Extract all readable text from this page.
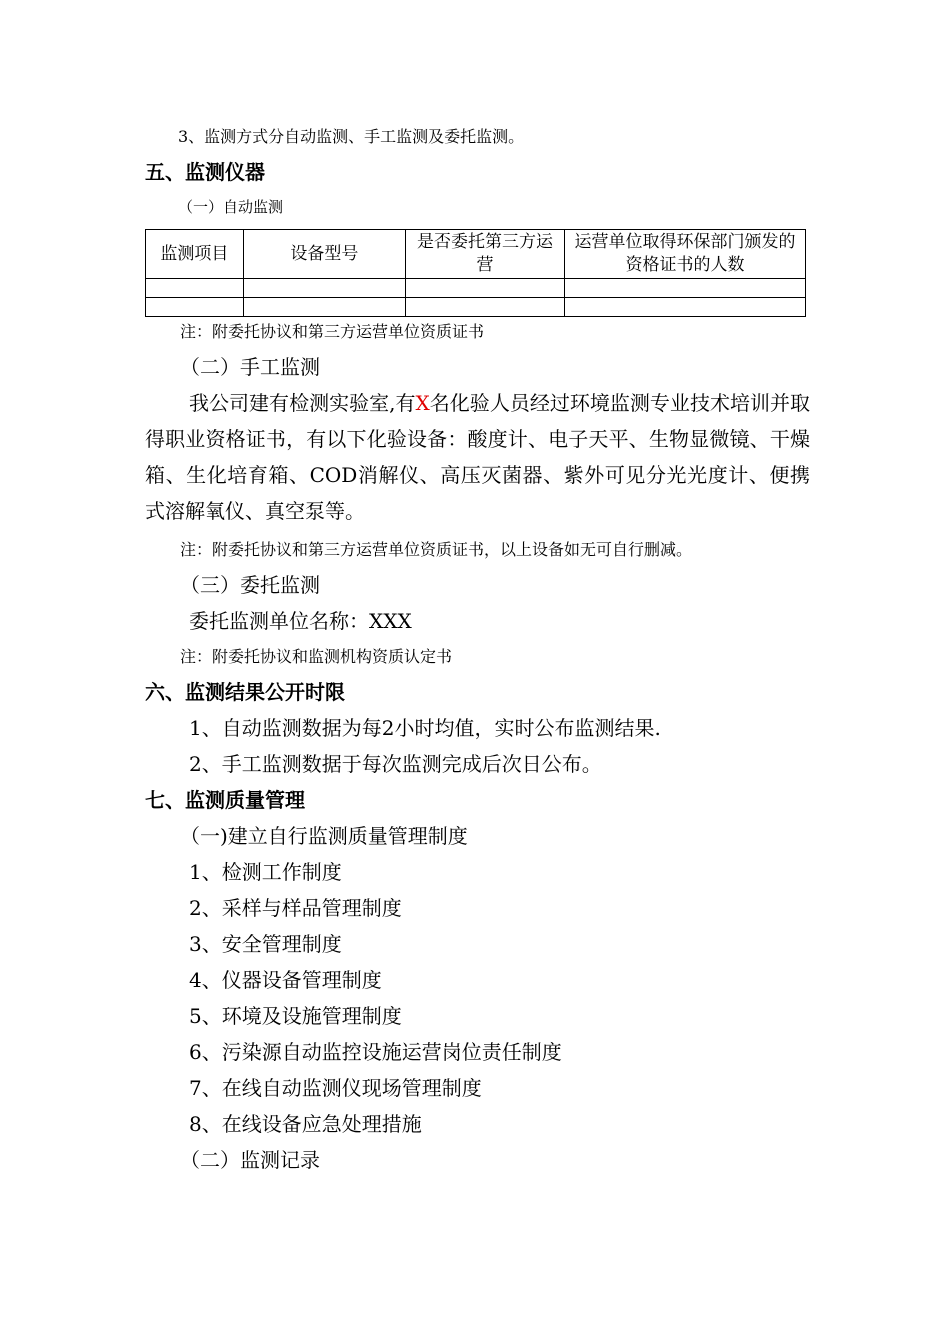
3、监测方式分自动监测、手工监测及委托监测。
五、监测仪器
（一）自动监测
监测项目	设备型号	是否委托第三方运营	运营单位取得环保部门颁发的资格证书的人数

注：附委托协议和第三方运营单位资质证书
（二）手工监测
我公司建有检测实验室,有X名化验人员经过环境监测专业技术培训并取得职业资格证书，有以下化验设备：酸度计、电子天平、生物显微镜、干燥箱、生化培育箱、COD消解仪、高压灭菌器、紫外可见分光光度计、便携式溶解氧仪、真空泵等。
注：附委托协议和第三方运营单位资质证书，以上设备如无可自行删减。
（三）委托监测
委托监测单位名称：XXX
注：附委托协议和监测机构资质认定书
六、监测结果公开时限
1、自动监测数据为每2小时均值，实时公布监测结果.
2、手工监测数据于每次监测完成后次日公布。
七、监测质量管理
（一)建立自行监测质量管理制度
1、检测工作制度
2、采样与样品管理制度
3、安全管理制度
4、仪器设备管理制度
5、环境及设施管理制度
6、污染源自动监控设施运营岗位责任制度
7、在线自动监测仪现场管理制度
8、在线设备应急处理措施
（二）监测记录
